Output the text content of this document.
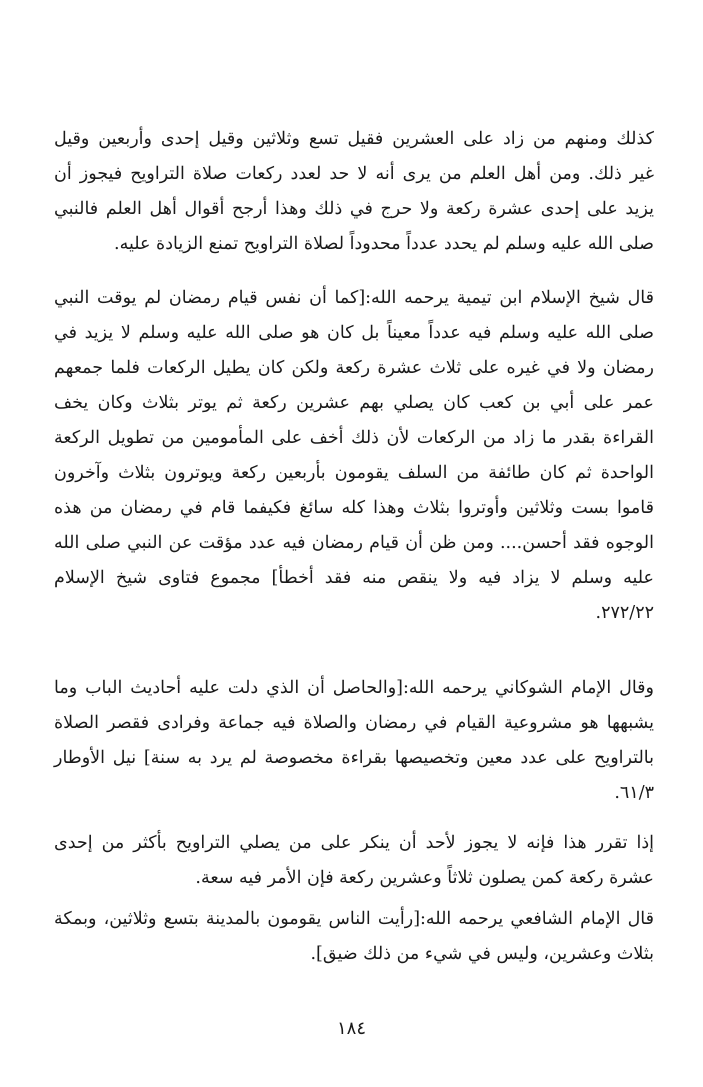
كذلك ومنهم من زاد على العشرين فقيل تسع وثلاثين وقيل إحدى وأربعين وقيل
غير ذلك. ومن أهل العلم من يرى أنه لا حد لعدد ركعات صلاة التراويح فيجوز أن
يزيد على إحدى عشرة ركعة ولا حرج في ذلك وهذا أرجح أقوال أهل العلم فالنبي
صلى الله عليه وسلم لم يحدد عدداً محدوداً لصلاة التراويح تمنع الزيادة عليه.
قال شيخ الإسلام ابن تيمية يرحمه الله:[كما أن نفس قيام رمضان لم يوقت النبي
صلى الله عليه وسلم فيه عدداً معيناً بل كان هو صلى الله عليه وسلم لا يزيد في
رمضان ولا في غيره على ثلاث عشرة ركعة ولكن كان يطيل الركعات فلما جمعهم
عمر على أبي بن كعب كان يصلي بهم عشرين ركعة ثم يوتر بثلاث وكان يخف
القراءة بقدر ما زاد من الركعات لأن ذلك أخف على المأمومين من تطويل الركعة
الواحدة ثم كان طائفة من السلف يقومون بأربعين ركعة ويوترون بثلاث وآخرون
قاموا بست وثلاثين وأوتروا بثلاث وهذا كله سائغ فكيفما قام في رمضان من هذه
الوجوه فقد أحسن.... ومن ظن أن قيام رمضان فيه عدد مؤقت عن النبي صلى الله
عليه وسلم لا يزاد فيه ولا ينقص منه فقد أخطأ] مجموع فتاوى شيخ الإسلام
٢٧٢/٢٢.
وقال الإمام الشوكاني يرحمه الله:[والحاصل أن الذي دلت عليه أحاديث الباب وما
يشبهها هو مشروعية القيام في رمضان والصلاة فيه جماعة وفرادى فقصر الصلاة
بالتراويح على عدد معين وتخصيصها بقراءة مخصوصة لم يرد به سنة] نيل الأوطار
٦١/٣.
إذا تقرر هذا فإنه لا يجوز لأحد أن ينكر على من يصلي التراويح بأكثر من إحدى
عشرة ركعة كمن يصلون ثلاثاً وعشرين ركعة فإن الأمر فيه سعة.
قال الإمام الشافعي يرحمه الله:[رأيت الناس يقومون بالمدينة بتسع وثلاثين، وبمكة
بثلاث وعشرين، وليس في شيء من ذلك ضيق].
١٨٤
